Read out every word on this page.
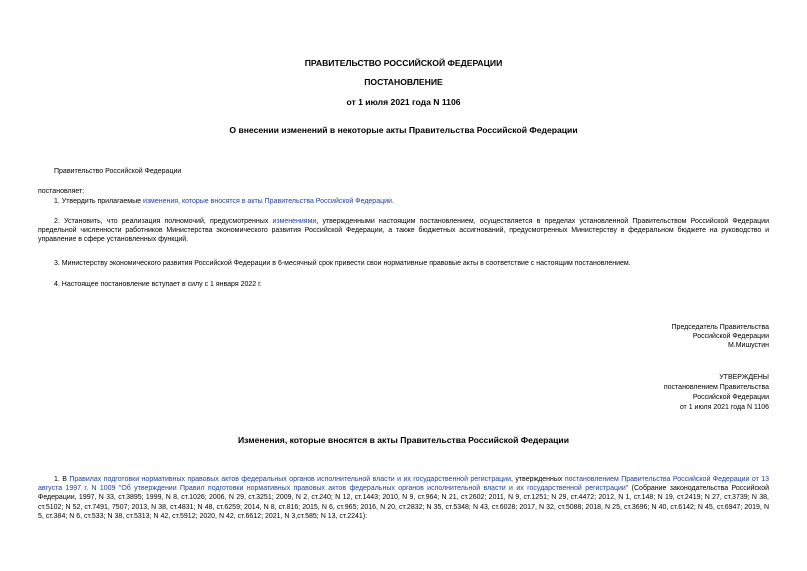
ПРАВИТЕЛЬСТВО РОССИЙСКОЙ ФЕДЕРАЦИИ
ПОСТАНОВЛЕНИЕ
от 1 июля 2021 года N 1106
О внесении изменений в некоторые акты Правительства Российской Федерации
Правительство Российской Федерации
постановляет:
1. Утвердить прилагаемые изменения, которые вносятся в акты Правительства Российской Федерации.
2. Установить, что реализация полномочий, предусмотренных изменениями, утвержденными настоящим постановлением, осуществляется в пределах установленной Правительством Российской Федерации предельной численности работников Министерства экономического развития Российской Федерации, а также бюджетных ассигнований, предусмотренных Министерству в федеральном бюджете на руководство и управление в сфере установленных функций.
3. Министерству экономического развития Российской Федерации в 6-месячный срок привести свои нормативные правовые акты в соответствие с настоящим постановлением.
4. Настоящее постановление вступает в силу с 1 января 2022 г.
Председатель Правительства
Российской Федерации
М.Мишустин
УТВЕРЖДЕНЫ
постановлением Правительства
Российской Федерации
от 1 июля 2021 года N 1106
Изменения, которые вносятся в акты Правительства Российской Федерации
1. В Правилах подготовки нормативных правовых актов федеральных органов исполнительной власти и их государственной регистрации, утвержденных постановлением Правительства Российской Федерации от 13 августа 1997 г. N 1009 "Об утверждении Правил подготовки нормативных правовых актов федеральных органов исполнительной власти и их государственной регистрации" (Собрание законодательства Российской Федерации, 1997, N 33, ст.3895; 1999, N 8, ст.1026; 2006, N 29, ст.3251; 2009, N 2, ст.240; N 12, ст.1443; 2010, N 9, ст.964; N 21, ст.2602; 2011, N 9, ст.1251; N 29, ст.4472; 2012, N 1, ст.148; N 19, ст.2419; N 27, ст.3739; N 38, ст.5102; N 52, ст.7491, 7507; 2013, N 38, ст.4831; N 48, ст.6259; 2014, N 8, ст.816; 2015, N 6, ст.965; 2016, N 20, ст.2832; N 35, ст.5348; N 43, ст.6028; 2017, N 32, ст.5088; 2018, N 25, ст.3696; N 40, ст.6142; N 45, ст.6947; 2019, N 5, ст.384; N 6, ст.533; N 38, ст.5313; N 42, ст.5912; 2020, N 42, ст.6612; 2021, N 3,ст.585; N 13, ст.2241):
